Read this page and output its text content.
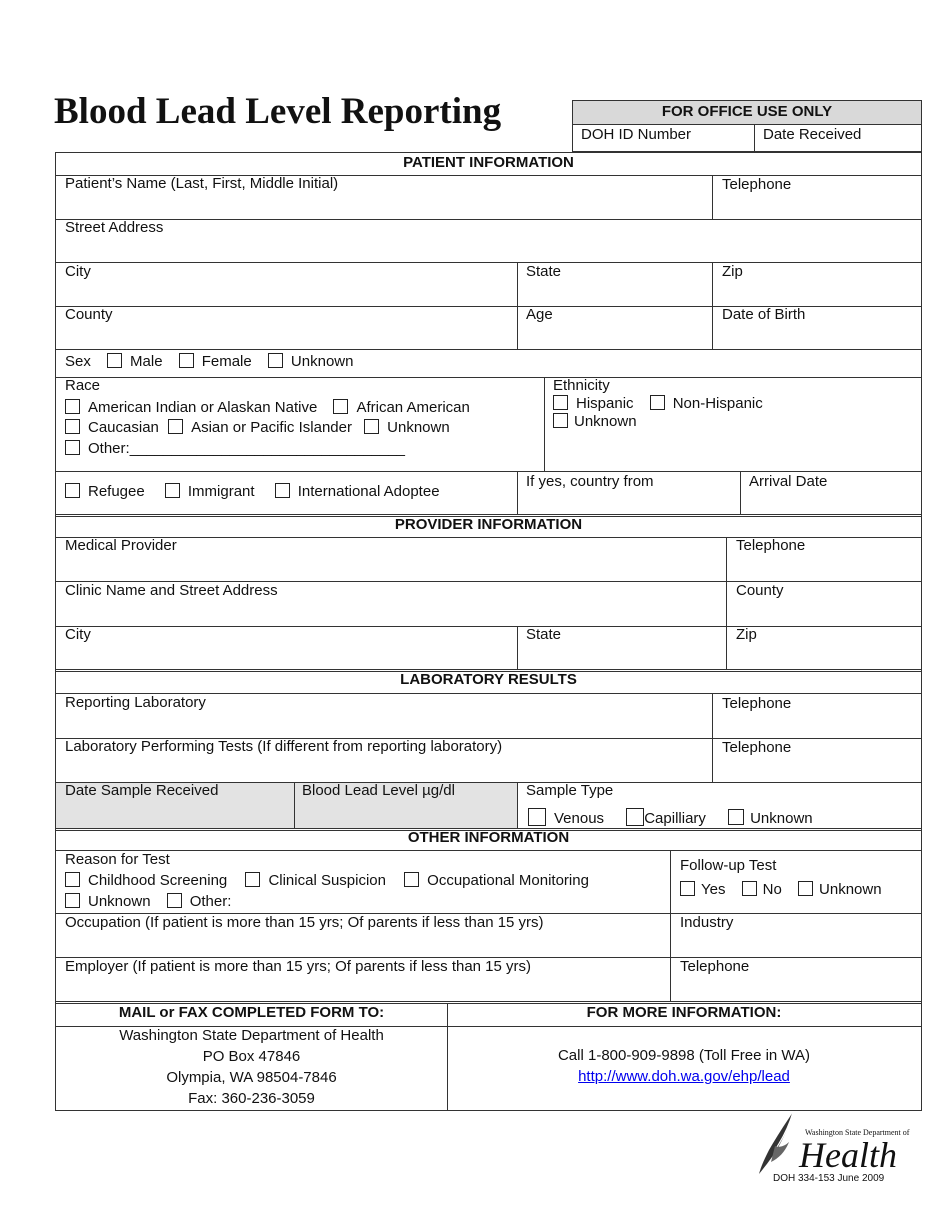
Blood Lead Level Reporting	FOR OFFICE USE ONLY
DOH ID Number	Date Received
PATIENT INFORMATION
Patient’s Name (Last, First, Middle Initial)	Telephone
Street Address
City	State	Zip
County	Age	Date of Birth
Sex	Male	Female	Unknown
Race
American Indian or Alaskan Native	African American
Caucasian Asian or Pacific Islander Unknown
Other:_________________________________
Ethnicity
Hispanic	Non-Hispanic
Unknown
Refugee	Immigrant	International Adoptee
If yes, country from	Arrival Date
PROVIDER INFORMATION
Medical Provider	Telephone
Clinic Name and Street Address	County
City	State	Zip
LABORATORY RESULTS
Reporting Laboratory	Telephone
Laboratory Performing Tests (If different from reporting laboratory)	Telephone
Date Sample Received	Blood Lead Level µg/dl	Sample Type
Venous	Capilliary	Unknown
OTHER INFORMATION
Reason for Test
Childhood Screening	Clinical Suspicion	Occupational Monitoring
Unknown	Other:
Follow-up Test
Yes No Unknown
Occupation (If patient is more than 15 yrs; Of parents if less than 15 yrs)	Industry
Employer (If patient is more than 15 yrs; Of parents if less than 15 yrs)	Telephone
MAIL or FAX COMPLETED FORM TO:	FOR MORE INFORMATION:
Washington State Department of Health
PO Box 47846
Olympia, WA 98504-7846
Fax: 360-236-3059
Call 1-800-909-9898 (Toll Free in WA)
http://www.doh.wa.gov/ehp/lead
Washington State Department of
Health
DOH 334-153 June 2009
